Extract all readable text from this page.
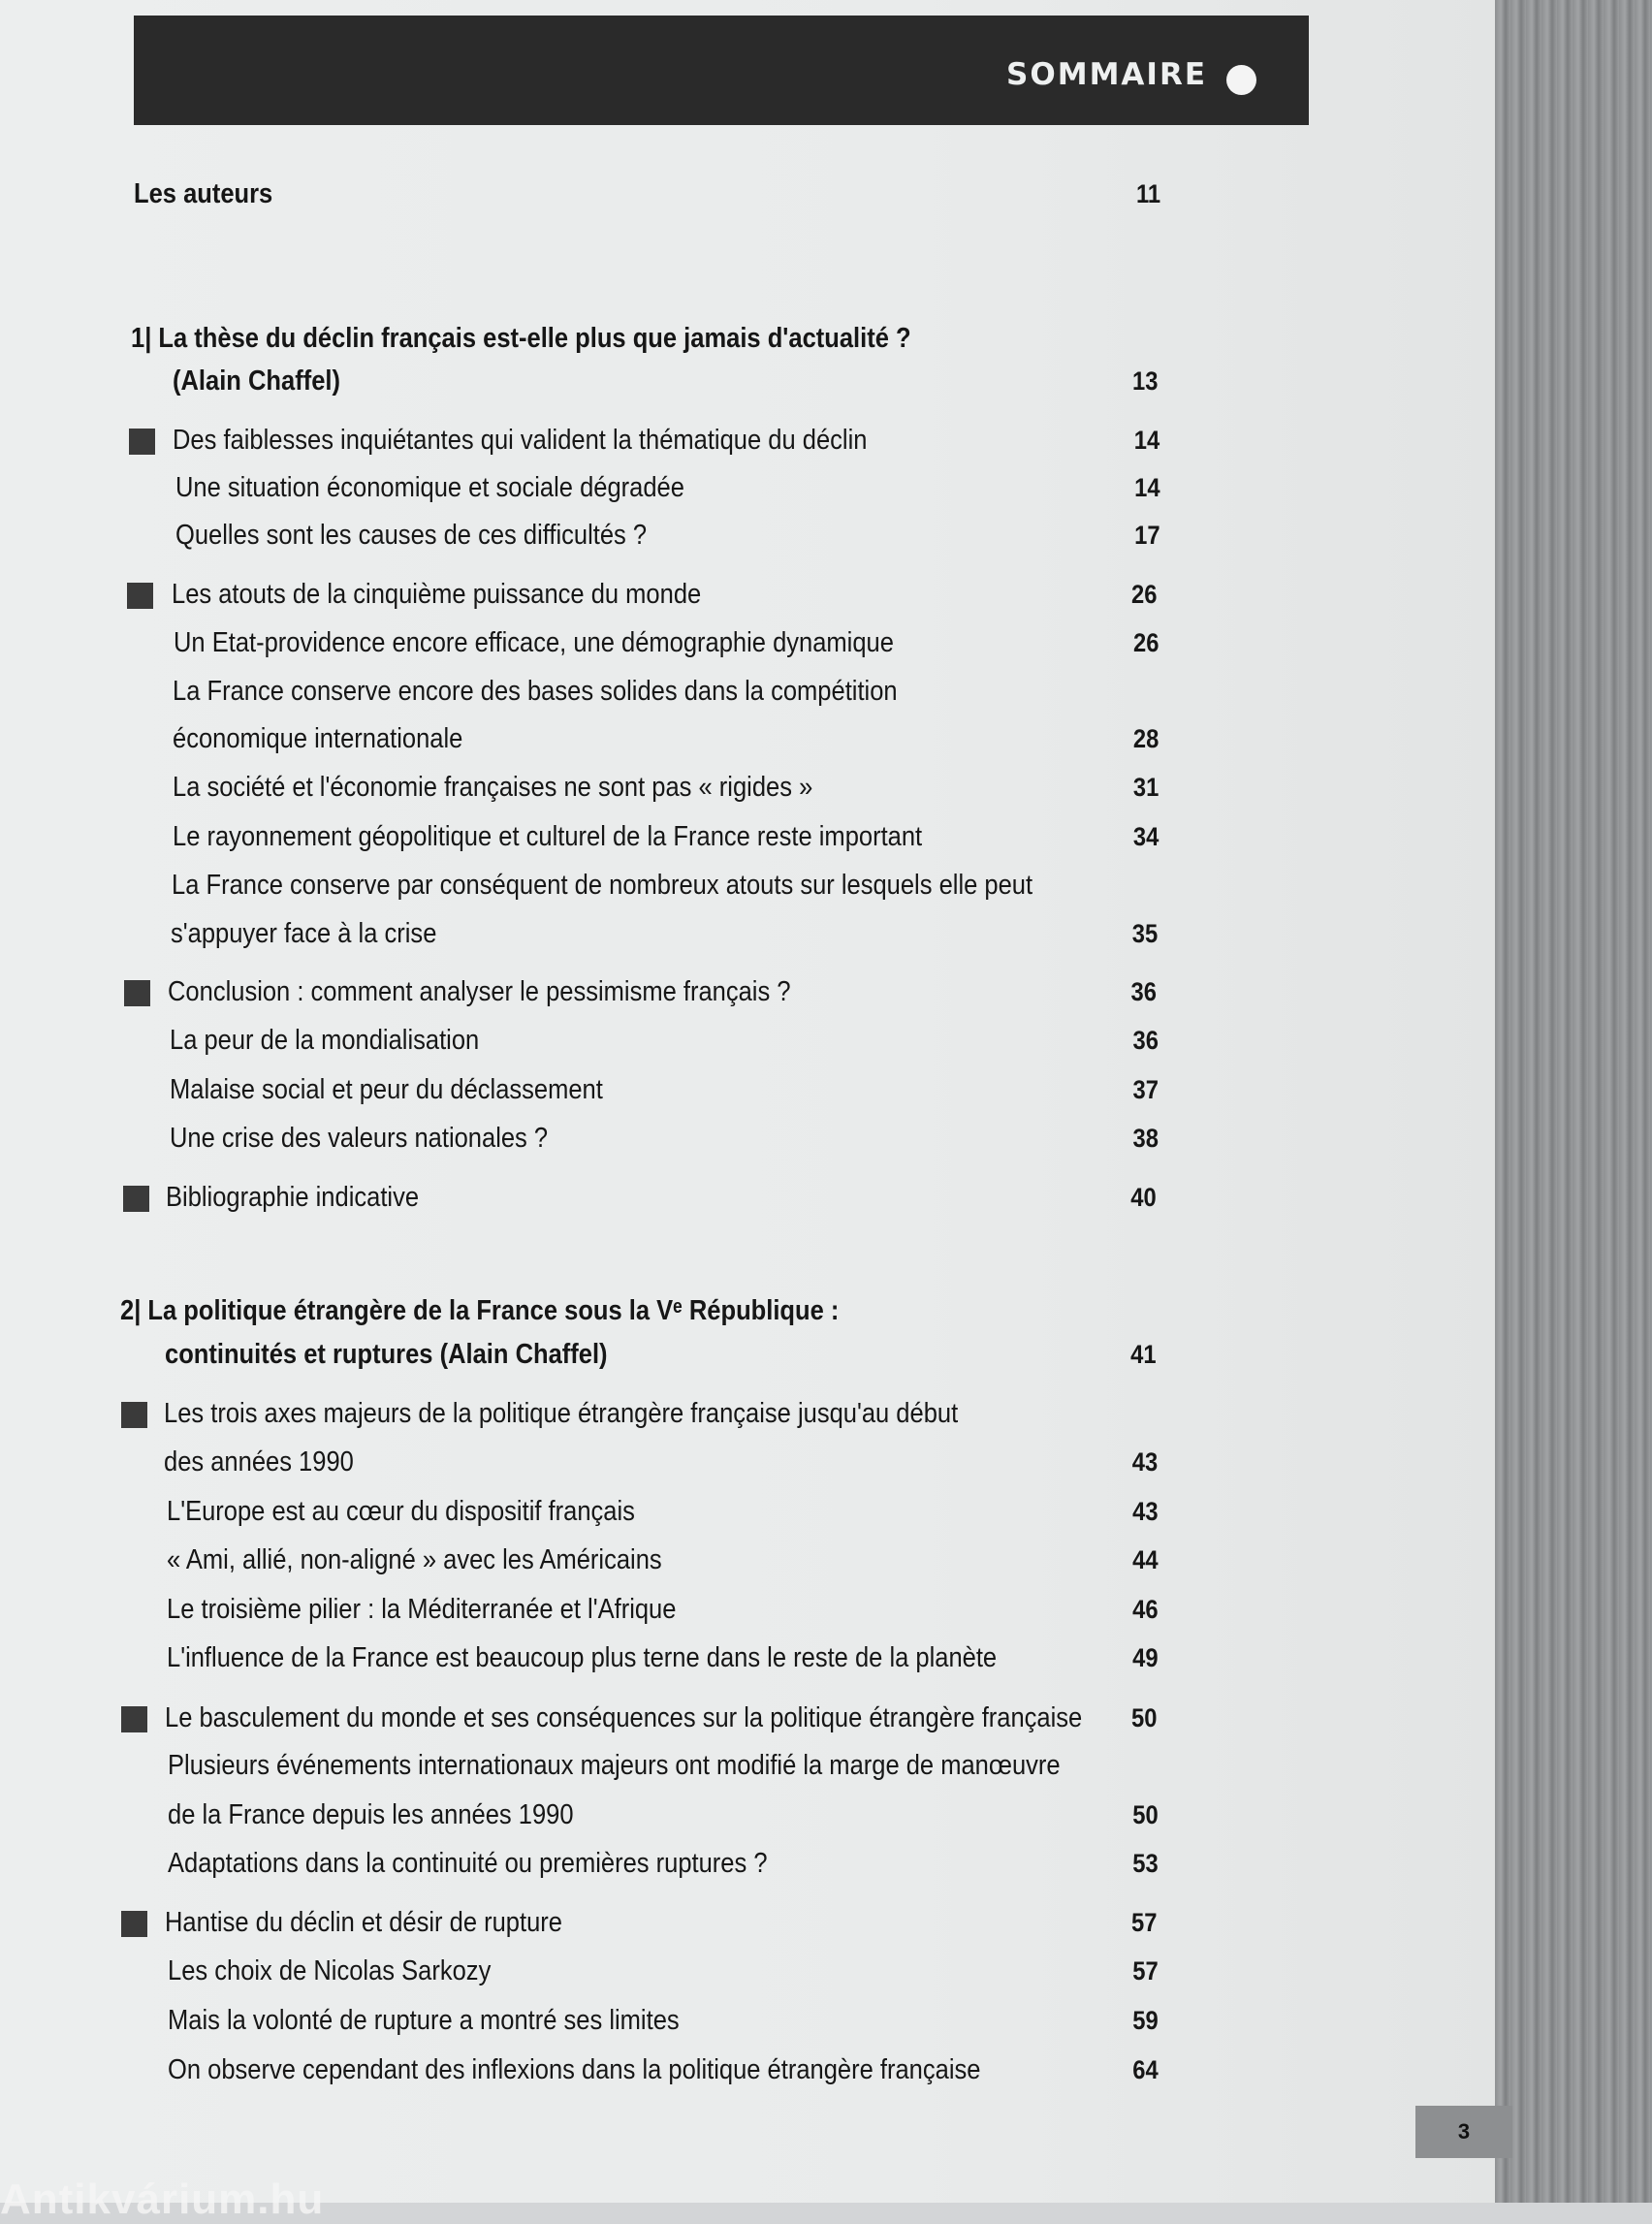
SOMMAIRE
Les auteurs	11
1| La thèse du déclin français est-elle plus que jamais d'actualité ?
(Alain Chaffel)	13
Des faiblesses inquiétantes qui valident la thématique du déclin	14
Une situation économique et sociale dégradée	14
Quelles sont les causes de ces difficultés ?	17
Les atouts de la cinquième puissance du monde	26
Un Etat-providence encore efficace, une démographie dynamique	26
La France conserve encore des bases solides dans la compétition
économique internationale	28
La société et l'économie françaises ne sont pas « rigides »	31
Le rayonnement géopolitique et culturel de la France reste important	34
La France conserve par conséquent de nombreux atouts sur lesquels elle peut
s'appuyer face à la crise	35
Conclusion : comment analyser le pessimisme français ?	36
La peur de la mondialisation	36
Malaise social et peur du déclassement	37
Une crise des valeurs nationales ?	38
Bibliographie indicative	40
2| La politique étrangère de la France sous la Vᵉ République :
continuités et ruptures (Alain Chaffel)	41
Les trois axes majeurs de la politique étrangère française jusqu'au début
des années 1990	43
L'Europe est au cœur du dispositif français	43
« Ami, allié, non-aligné » avec les Américains	44
Le troisième pilier : la Méditerranée et l'Afrique	46
L'influence de la France est beaucoup plus terne dans le reste de la planète	49
Le basculement du monde et ses conséquences sur la politique étrangère française 50
Plusieurs événements internationaux majeurs ont modifié la marge de manœuvre
de la France depuis les années 1990	50
Adaptations dans la continuité ou premières ruptures ?	53
Hantise du déclin et désir de rupture	57
Les choix de Nicolas Sarkozy	57
Mais la volonté de rupture a montré ses limites	59
On observe cependant des inflexions dans la politique étrangère française	64
3
Antikvárium.hu
